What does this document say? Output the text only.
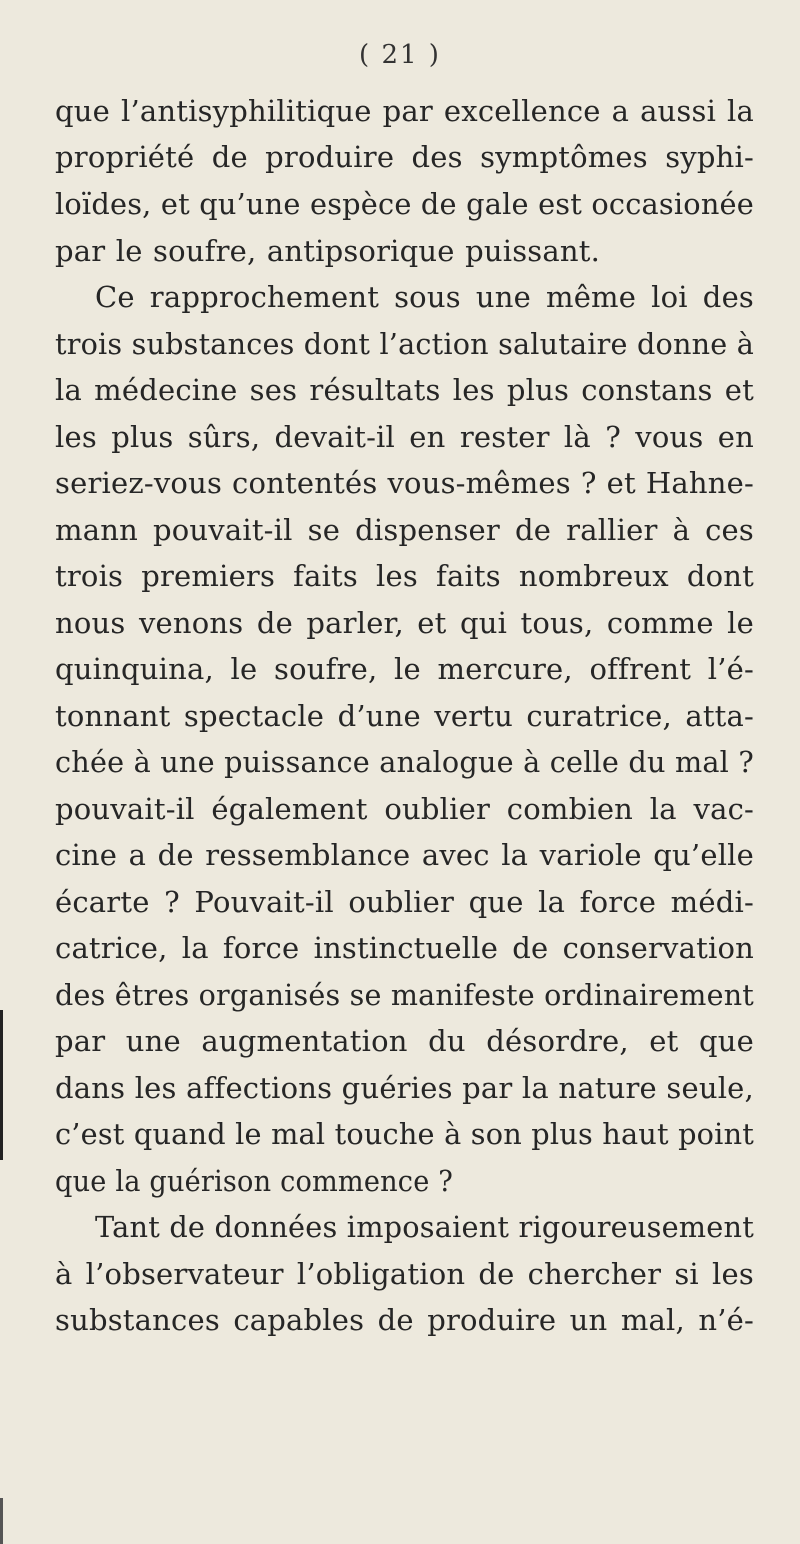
( 21 )
que l’antisyphilitique par excellence a aussi la
propriété de produire des symptômes syphi-
loïdes, et qu’une espèce de gale est occasionée
par le soufre, antipsorique puissant.
Ce rapprochement sous une même loi des
trois substances dont l’action salutaire donne à
la médecine ses résultats les plus constans et
les plus sûrs, devait-il en rester là ? vous en
seriez-vous contentés vous-mêmes ? et Hahne-
mann pouvait-il se dispenser de rallier à ces
trois premiers faits les faits nombreux dont
nous venons de parler, et qui tous, comme le
quinquina, le soufre, le mercure, offrent l’é-
tonnant spectacle d’une vertu curatrice, atta-
chée à une puissance analogue à celle du mal ?
pouvait-il également oublier combien la vac-
cine a de ressemblance avec la variole qu’elle
écarte ? Pouvait-il oublier que la force médi-
catrice, la force instinctuelle de conservation
des êtres organisés se manifeste ordinairement
par une augmentation du désordre, et que
dans les affections guéries par la nature seule,
c’est quand le mal touche à son plus haut point
que la guérison commence ?
Tant de données imposaient rigoureusement
à l’observateur l’obligation de chercher si les
substances capables de produire un mal, n’é-
